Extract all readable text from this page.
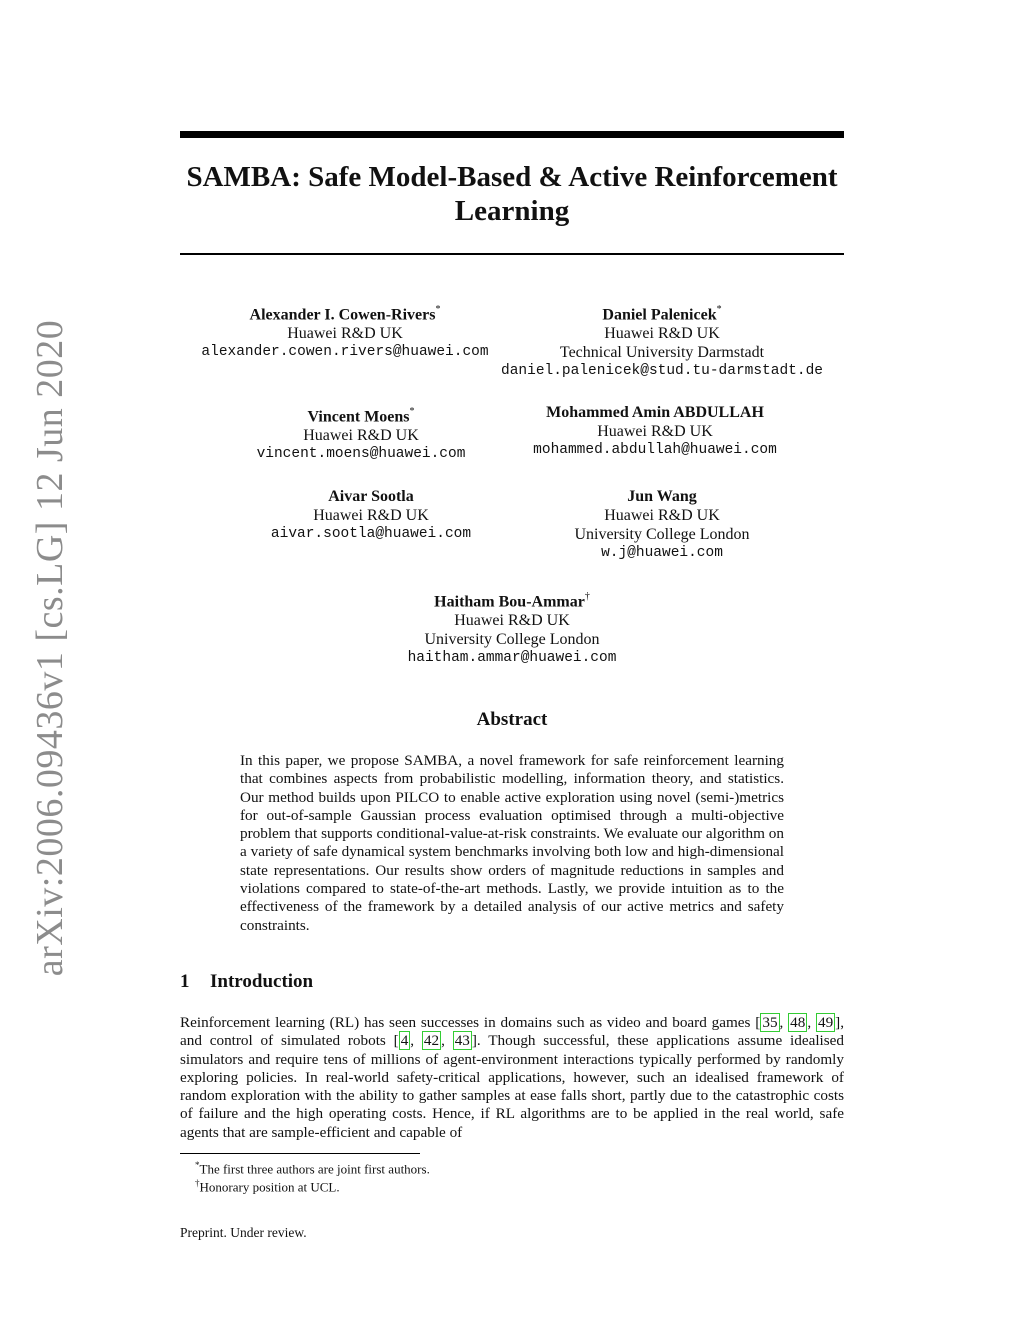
arXiv:2006.09436v1 [cs.LG] 12 Jun 2020
SAMBA: Safe Model-Based & Active Reinforcement Learning
Alexander I. Cowen-Rivers*
Huawei R&D UK
alexander.cowen.rivers@huawei.com
Daniel Palenicek*
Huawei R&D UK
Technical University Darmstadt
daniel.palenicek@stud.tu-darmstadt.de
Vincent Moens*
Huawei R&D UK
vincent.moens@huawei.com
Mohammed Amin ABDULLAH
Huawei R&D UK
mohammed.abdullah@huawei.com
Aivar Sootla
Huawei R&D UK
aivar.sootla@huawei.com
Jun Wang
Huawei R&D UK
University College London
w.j@huawei.com
Haitham Bou-Ammar†
Huawei R&D UK
University College London
haitham.ammar@huawei.com
Abstract

In this paper, we propose SAMBA, a novel framework for safe reinforcement learning that combines aspects from probabilistic modelling, information theory, and statistics. Our method builds upon PILCO to enable active exploration using novel (semi-)metrics for out-of-sample Gaussian process evaluation optimised through a multi-objective problem that supports conditional-value-at-risk constraints. We evaluate our algorithm on a variety of safe dynamical system benchmarks involving both low and high-dimensional state representations. Our results show orders of magnitude reductions in samples and violations compared to state-of-the-art methods. Lastly, we provide intuition as to the effectiveness of the framework by a detailed analysis of our active metrics and safety constraints.

1 Introduction

Reinforcement learning (RL) has seen successes in domains such as video and board games [ 35 , 48 , 49 ], and control of simulated robots [ 4 , 42 , 43 ]. Though successful, these applications assume idealised simulators and require tens of millions of agent-environment interactions typically performed by randomly exploring policies. In real-world safety-critical applications, however, such an idealised framework of random exploration with the ability to gather samples at ease falls short, partly due to the catastrophic costs of failure and the high operating costs. Hence, if RL algorithms are to be applied in the real world, safe agents that are sample-efficient and capable of

*The first three authors are joint first authors.
†Honorary position at UCL.
Preprint. Under review.
